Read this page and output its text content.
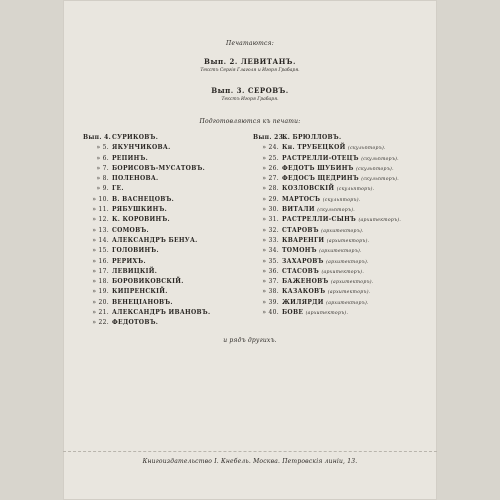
Печатаются:
Вып. 2. ЛЕВИТАНЪ.
Текстъ Сергія Глаголя и Игоря Грабаря.
Вып. 3. СЕРОВЪ.
Текстъ Игоря Грабаря.
Подготовляются къ печати:
Вып. 4.СУРИКОВЪ.
» 5. ЯКУНЧИКОВА.
» 6. РЕПИНЪ.
» 7. БОРИСОВЪ-МУСАТОВЪ.
» 8. ПОЛЕНОВА.
» 9. ГЕ.
» 10. В. ВАСНЕЦОВЪ.
» 11. РЯБУШКИНЪ.
» 12. К. КОРОВИНЪ.
» 13. СОМОВЪ.
» 14. АЛЕКСАНДРЪ БЕНУА.
» 15. ГОЛОВИНЪ.
» 16. РЕРИХЪ.
» 17. ЛЕВИЦКІЙ.
» 18. БОРОВИКОВСКІЙ.
» 19. КИПРЕНСКІЙ.
» 20. ВЕНЕЦІАНОВЪ.
» 21. АЛЕКСАНДРЪ ИВАНОВЪ.
» 22. ФЕДОТОВЪ.
Вып. 23.К. БРЮЛЛОВЪ.
» 24. Кн. ТРУБЕЦКОЙ (скульпторъ).
» 25. РАСТРЕЛЛИ-ОТЕЦЪ (скульпторъ).
» 26. ФЕДОТЪ ШУБИНЪ (скульпторъ).
» 27. ФЕДОСЪ ЩЕДРИНЪ (скульпторъ).
» 28. КОЗЛОВСКІЙ (скульпторъ).
» 29. МАРТОСЪ (скульпторъ).
» 30. ВИТАЛИ (скульпторъ).
» 31. РАСТРЕЛЛИ-СЫНЪ (архитекторъ).
» 32. СТАРОВЪ (архитекторъ).
» 33. КВАРЕНГИ (архитекторъ).
» 34. ТОМОНЪ (архитекторъ).
» 35. ЗАХАРОВЪ (архитекторъ).
» 36. СТАСОВЪ (архитекторъ).
» 37. БАЖЕНОВЪ (архитекторъ).
» 38. КАЗАКОВЪ (архитекторъ).
» 39. ЖИЛЯРДИ (архитекторъ).
» 40. БОВЕ (архитекторъ).
и рядъ другихъ.
Книгоиздательство I. Кнебель. Москва. Петровскія линіи, 13.
